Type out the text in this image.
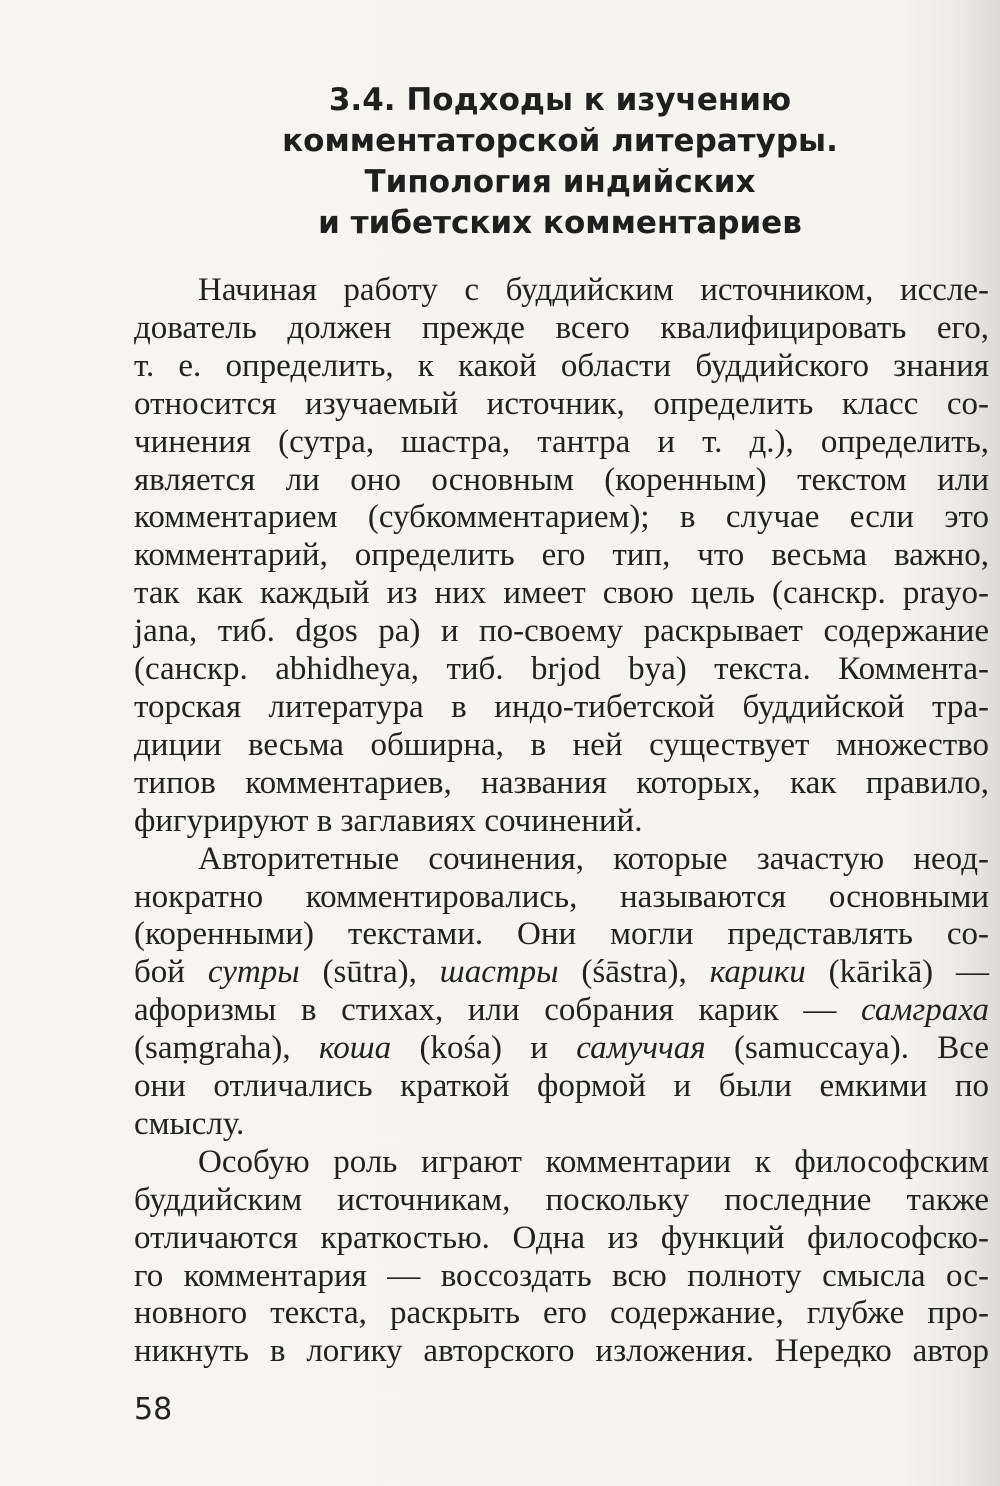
3.4. Подходы к изучению
комментаторской литературы.
Типология индийских
и тибетских комментариев
Начиная работу с буддийским источником, иссле-
дователь должен прежде всего квалифицировать его,
т. е. определить, к какой области буддийского знания
относится изучаемый источник, определить класс со-
чинения (сутра, шастра, тантра и т. д.), определить,
является ли оно основным (коренным) текстом или
комментарием (субкомментарием); в случае если это
комментарий, определить его тип, что весьма важно,
так как каждый из них имеет свою цель (санскр. prayo-
jana, тиб. dgos pa) и по-своему раскрывает содержание
(санскр. abhidheya, тиб. brjod bya) текста. Коммента-
торская литература в индо-тибетской буддийской тра-
диции весьма обширна, в ней существует множество
типов комментариев, названия которых, как правило,
фигурируют в заглавиях сочинений.
Авторитетные сочинения, которые зачастую неод-
нократно комментировались, называются основными
(коренными) текстами. Они могли представлять со-
бой сутры (sūtra), шастры (śāstra), карики (kārikā) —
афоризмы в стихах, или собрания карик — самграха
(saṃgraha), коша (kośa) и самуччая (samuccaya). Все
они отличались краткой формой и были емкими по
смыслу.
Особую роль играют комментарии к философским
буддийским источникам, поскольку последние также
отличаются краткостью. Одна из функций философско-
го комментария — воссоздать всю полноту смысла ос-
новного текста, раскрыть его содержание, глубже про-
никнуть в логику авторского изложения. Нередко автор
58
